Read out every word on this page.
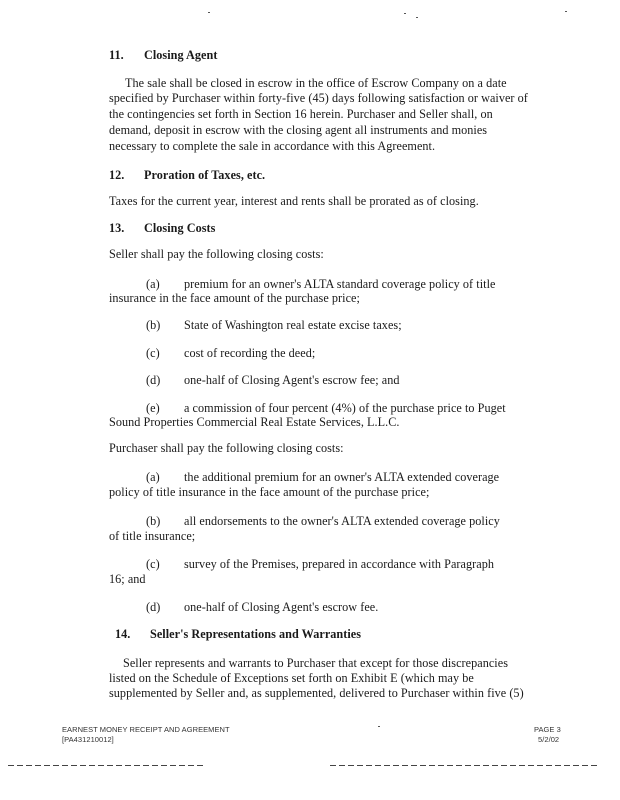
11. Closing Agent
The sale shall be closed in escrow in the office of Escrow Company on a date
specified by Purchaser within forty-five (45) days following satisfaction or waiver of
the contingencies set forth in Section 16 herein. Purchaser and Seller shall, on
demand, deposit in escrow with the closing agent all instruments and monies
necessary to complete the sale in accordance with this Agreement.
12. Proration of Taxes, etc.
Taxes for the current year, interest and rents shall be prorated as of closing.
13. Closing Costs
Seller shall pay the following closing costs:
(a) premium for an owner's ALTA standard coverage policy of title
insurance in the face amount of the purchase price;
(b) State of Washington real estate excise taxes;
(c) cost of recording the deed;
(d) one-half of Closing Agent's escrow fee; and
(e) a commission of four percent (4%) of the purchase price to Puget
Sound Properties Commercial Real Estate Services, L.L.C.
Purchaser shall pay the following closing costs:
(a) the additional premium for an owner's ALTA extended coverage
policy of title insurance in the face amount of the purchase price;
(b) all endorsements to the owner's ALTA extended coverage policy
of title insurance;
(c) survey of the Premises, prepared in accordance with Paragraph
16; and
(d) one-half of Closing Agent's escrow fee.
14. Seller's Representations and Warranties
Seller represents and warrants to Purchaser that except for those discrepancies
listed on the Schedule of Exceptions set forth on Exhibit E (which may be
supplemented by Seller and, as supplemented, delivered to Purchaser within five (5)
EARNEST MONEY RECEIPT AND AGREEMENT
[PA431210012]
PAGE 3
5/2/02
